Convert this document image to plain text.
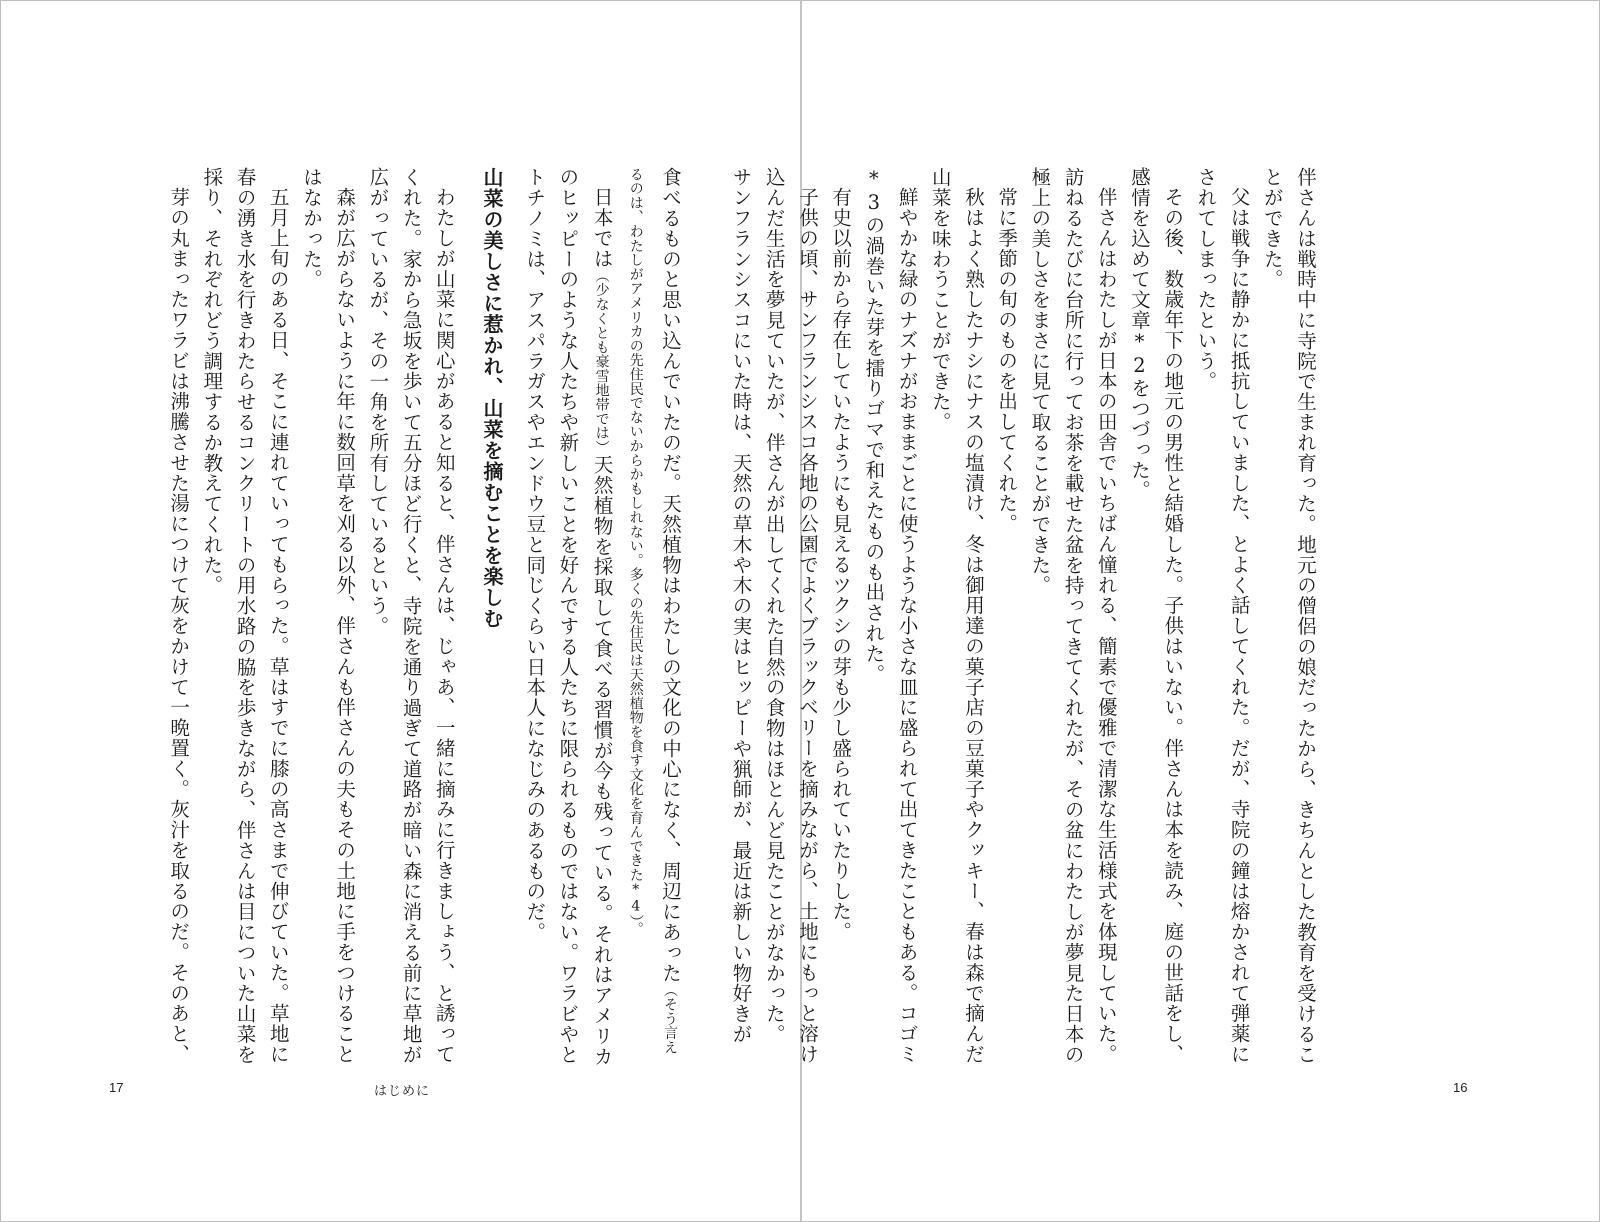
食べるものと思い込んでいたのだ。天然植物はわたしの文化の中心になく、周辺にあった（そう言えるのは、わたしがアメリカの先住民でないからかもしれない。多くの先住民は天然植物を食す文化を育んできた*4）。

日本では（少なくとも豪雪地帯では）天然植物を採取して食べる習慣が今も残っている。それはアメリカのヒッピーのような人たちや新しいことを好んでする人たちに限られるものではない。ワラビやとトチノミは、アスパラガスやエンドウ豆と同じくらい日本人になじみのあるものだ。

山菜の美しさに惹かれ、山菜を摘むことを楽しむ

わたしが山菜に関心があると知ると、伴さんは、じゃあ、一緒に摘みに行きましょう、と誘ってくれた。家から急坂を歩いて五分ほど行くと、寺院を通り過ぎて道路が暗い森に消える前に草地が広がっているが、その一角を所有しているという。

森が広がらないように年に数回草を刈る以外、伴さんも伴さんの夫もその土地に手をつけることはなかった。

五月上旬のある日、そこに連れていってもらった。草はすでに膝の高さまで伸びていた。草地に春の湧き水を行きわたらせるコンクリートの用水路の脇を歩きながら、伴さんは目についた山菜を採り、それぞれどう調理するか教えてくれた。

芽の丸まったワラビは沸騰させた湯につけて灰をかけて一晩置く。灰汁を取るのだ。そのあと、

17	はじめに

伴さんは戦時中に寺院で生まれ育った。地元の僧侶の娘だったから、きちんとした教育を受けることができた。

父は戦争に静かに抵抗していました、とよく話してくれた。だが、寺院の鐘は熔かされて弾薬にされてしまったという。

その後、数歳年下の地元の男性と結婚した。子供はいない。伴さんは本を読み、庭の世話をし、感情を込めて文章*2をつづった。

伴さんはわたしが日本の田舎でいちばん憧れる、簡素で優雅で清潔な生活様式を体現していた。訪ねるたびに台所に行ってお茶を載せた盆を持ってきてくれたが、その盆にわたしが夢見た日本の極上の美しさをまさに見て取ることができた。

常に季節の旬のものを出してくれた。

秋はよく熟したナシにナスの塩漬け、冬は御用達の菓子店の豆菓子やクッキー、春は森で摘んだ山菜を味わうことができた。

鮮やかな緑のナズナがおままごとに使うような小さな皿に盛られて出てきたこともある。コゴミ*3の渦巻いた芽を擂りゴマで和えたものも出された。

有史以前から存在していたようにも見えるツクシの芽も少し盛られていたりした。

子供の頃、サンフランシスコ各地の公園でよくブラックベリーを摘みながら、土地にもっと溶け込んだ生活を夢見ていたが、伴さんが出してくれた自然の食物はほとんど見たことがなかった。

サンフランシスコにいた時は、天然の草木や木の実はヒッピーや猟師が、最近は新しい物好きが

16
